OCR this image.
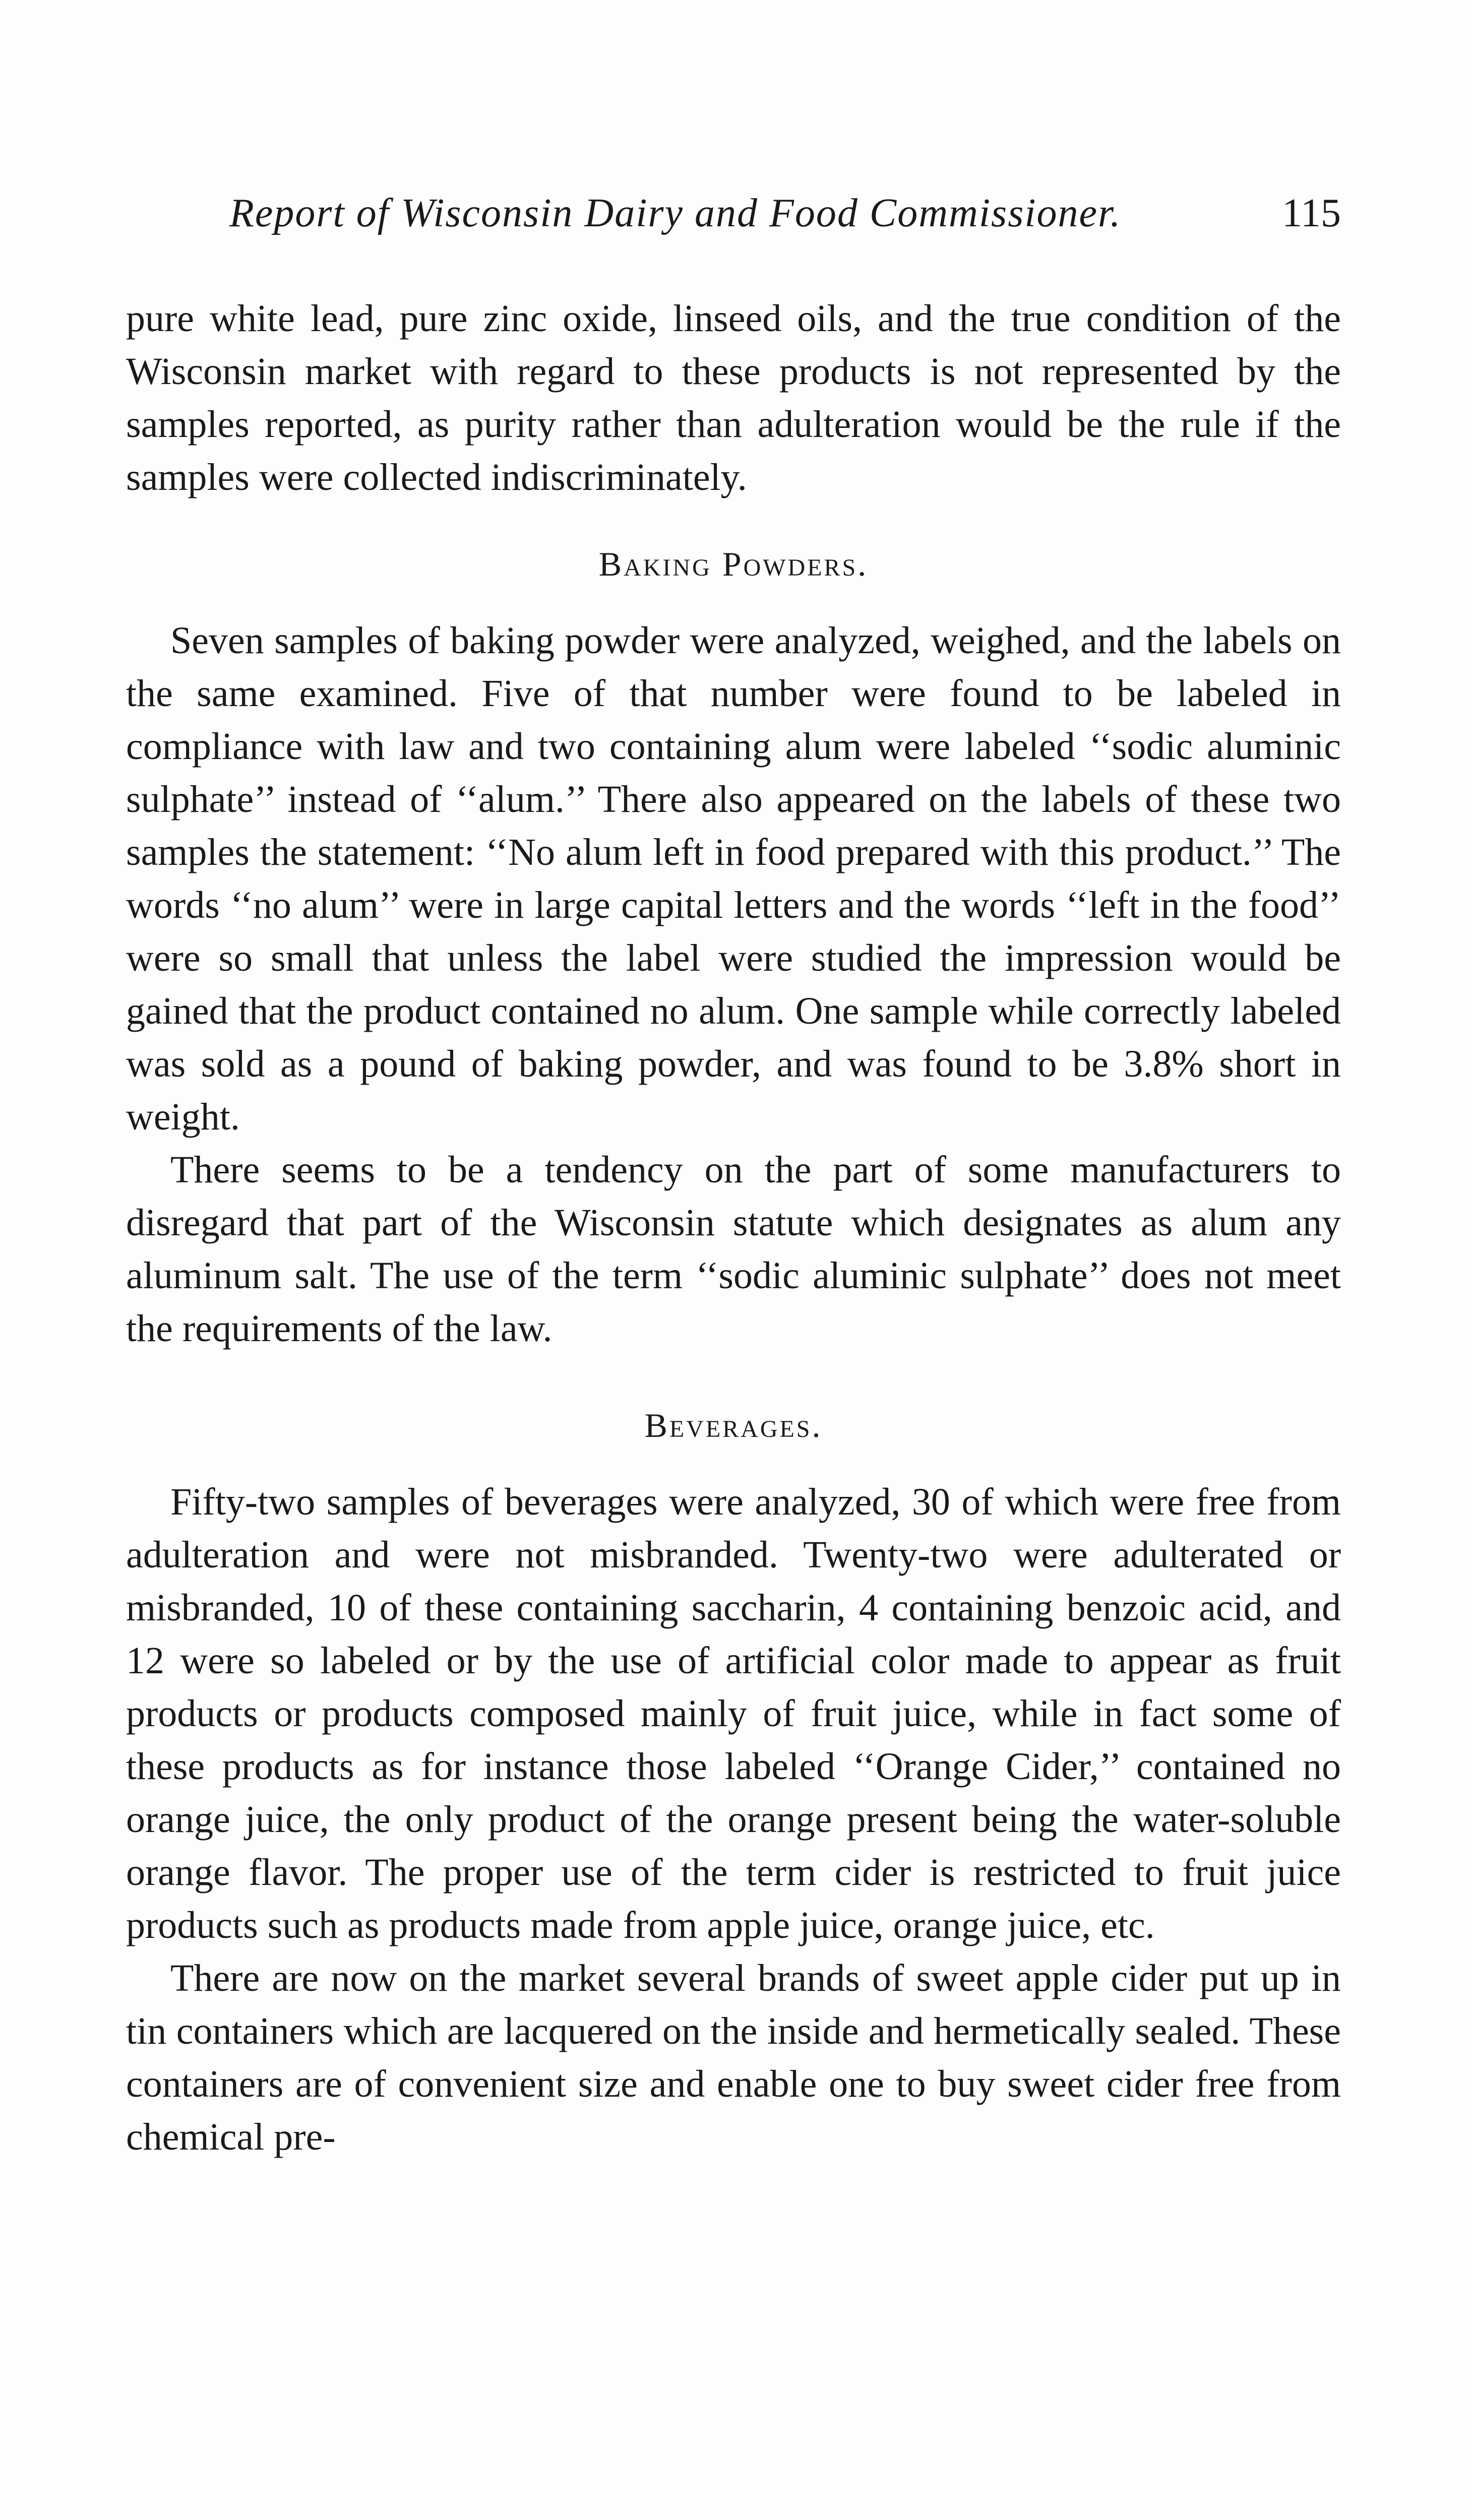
Report of Wisconsin Dairy and Food Commissioner.	115

pure white lead, pure zinc oxide, linseed oils, and the true condition of the Wisconsin market with regard to these products is not represented by the samples reported, as purity rather than adulteration would be the rule if the samples were collected indiscriminately.

Baking Powders.

Seven samples of baking powder were analyzed, weighed, and the labels on the same examined. Five of that number were found to be labeled in compliance with law and two containing alum were labeled ‘‘sodic aluminic sulphate’’ instead of ‘‘alum.’’ There also appeared on the labels of these two samples the statement: ‘‘No alum left in food prepared with this product.’’ The words ‘‘no alum’’ were in large capital letters and the words ‘‘left in the food’’ were so small that unless the label were studied the impression would be gained that the product contained no alum. One sample while correctly labeled was sold as a pound of baking powder, and was found to be 3.8% short in weight.

There seems to be a tendency on the part of some manufacturers to disregard that part of the Wisconsin statute which designates as alum any aluminum salt. The use of the term ‘‘sodic aluminic sulphate’’ does not meet the requirements of the law.

Beverages.

Fifty-two samples of beverages were analyzed, 30 of which were free from adulteration and were not misbranded. Twenty-two were adulterated or misbranded, 10 of these containing saccharin, 4 containing benzoic acid, and 12 were so labeled or by the use of artificial color made to appear as fruit products or products composed mainly of fruit juice, while in fact some of these products as for instance those labeled ‘‘Orange Cider,’’ contained no orange juice, the only product of the orange present being the water-soluble orange flavor. The proper use of the term cider is restricted to fruit juice products such as products made from apple juice, orange juice, etc.

There are now on the market several brands of sweet apple cider put up in tin containers which are lacquered on the inside and hermetically sealed. These containers are of convenient size and enable one to buy sweet cider free from chemical pre-
